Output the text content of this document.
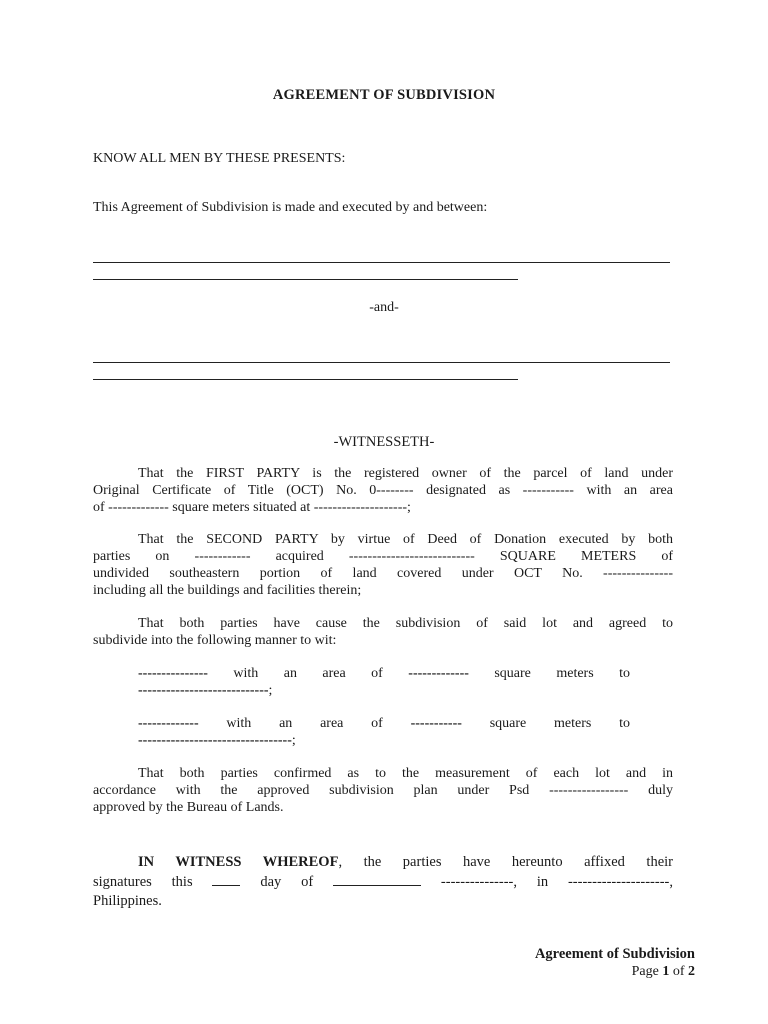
AGREEMENT OF SUBDIVISION
KNOW ALL MEN BY THESE PRESENTS:
This Agreement of Subdivision is made and executed by and between:
-and-
-WITNESSETH-
That the FIRST PARTY is the registered owner of the parcel of land under
Original Certificate of Title (OCT) No. 0-------- designated as ----------- with an area
of ------------- square meters situated at --------------------;
That the SECOND PARTY by virtue of Deed of Donation executed by both
parties on ------------ acquired --------------------------- SQUARE METERS of
undivided southeastern portion of land covered under OCT No. ---------------
including all the buildings and facilities therein;
That both parties have cause the subdivision of said lot and agreed to
subdivide into the following manner to wit:
--------------- with an area of ------------- square meters to
----------------------------;
------------- with an area of ----------- square meters to
---------------------------------;
That both parties confirmed as to the measurement of each lot and in
accordance with the approved subdivision plan under Psd ----------------- duly
approved by the Bureau of Lands.
IN WITNESS WHEREOF, the parties have hereunto affixed their
signatures this	day of	---------------, in ---------------------,
Philippines.
Agreement of Subdivision
Page 1 of 2
